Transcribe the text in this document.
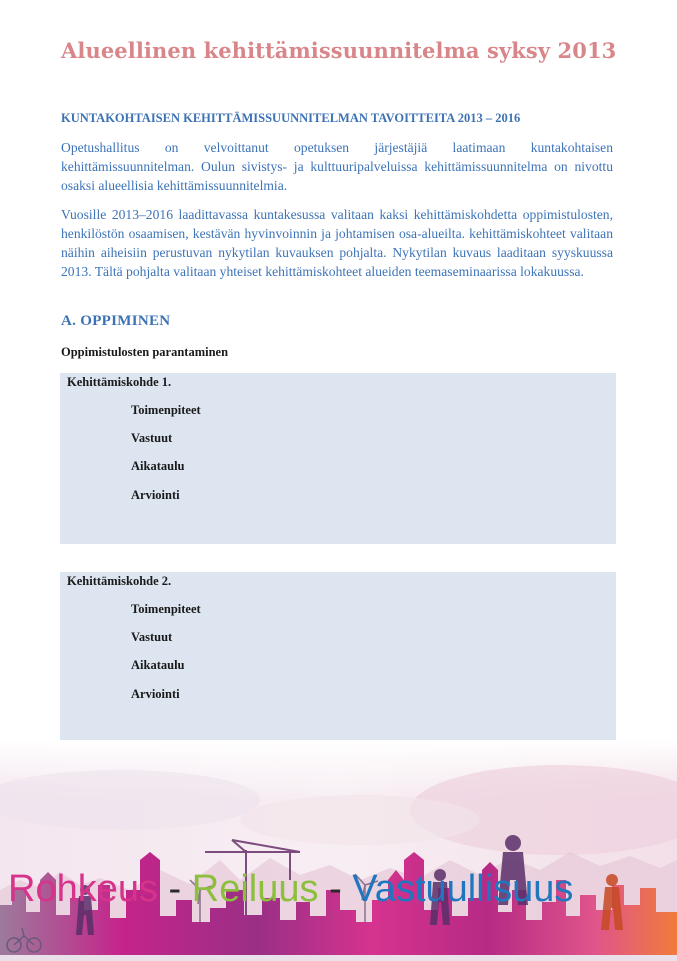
Alueellinen kehittämissuunnitelma syksy 2013
KUNTAKOHTAISEN KEHITTÄMISSUUNNITELMAN TAVOITTEITA 2013 – 2016

Opetushallitus on velvoittanut opetuksen järjestäjiä laatimaan kuntakohtaisen kehittämissuunnitelman. Oulun sivistys- ja kulttuuripalveluissa kehittämissuunnitelma on nivottu osaksi alueellisia kehittämissuunnitelmia.

Vuosille 2013–2016 laadittavassa kuntakesussa valitaan kaksi kehittämiskohdetta oppimistulosten, henkilöstön osaamisen, kestävän hyvinvoinnin ja johtamisen osa-alueilta. kehittämiskohteet valitaan näihin aiheisiin perustuvan nykytilan kuvauksen pohjalta. Nykytilan kuvaus laaditaan syyskuussa 2013. Tältä pohjalta valitaan yhteiset kehittämiskohteet alueiden teemaseminaarissa lokakuussa.

A. OPPIMINEN
Oppimistulosten parantaminen
Kehittämiskohde 1.
Toimenpiteet
Vastuut
Aikataulu
Arviointi
Kehittämiskohde 2.
Toimenpiteet
Vastuut
Aikataulu
Arviointi
Rohkeus - Reiluus - Vastuullisuus
